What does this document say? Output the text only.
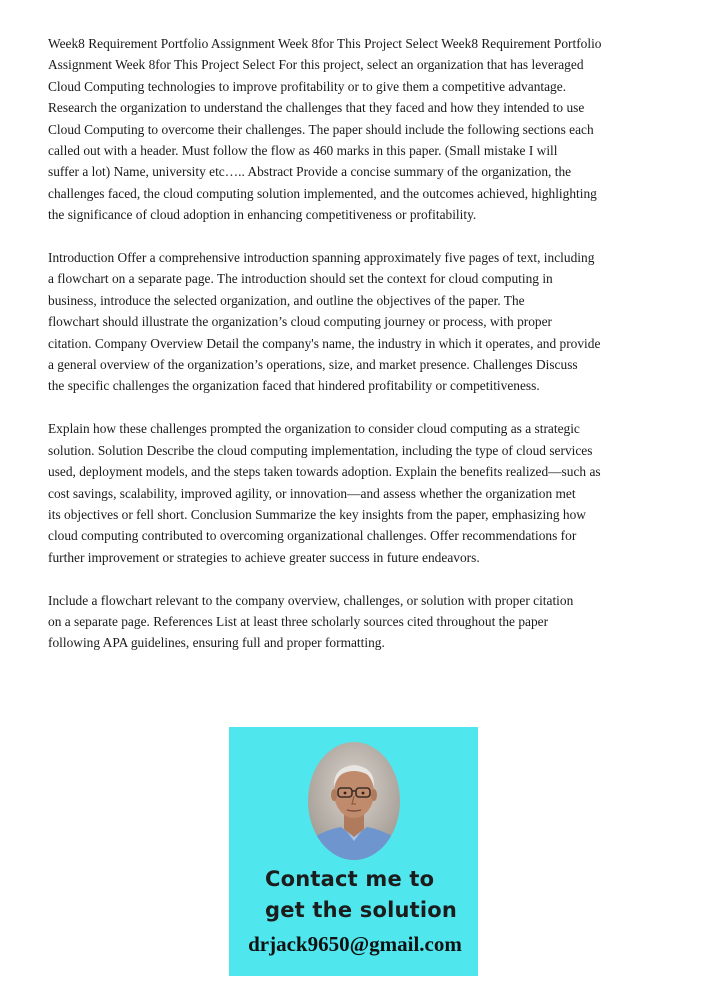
Week8 Requirement Portfolio Assignment Week 8for This Project Select Week8 Requirement Portfolio
Assignment Week 8for This Project Select For this project, select an organization that has leveraged
Cloud Computing technologies to improve profitability or to give them a competitive advantage.
Research the organization to understand the challenges that they faced and how they intended to use
Cloud Computing to overcome their challenges. The paper should include the following sections each
called out with a header. Must follow the flow as 460 marks in this paper. (Small mistake I will
suffer a lot) Name, university etc….. Abstract Provide a concise summary of the organization, the
challenges faced, the cloud computing solution implemented, and the outcomes achieved, highlighting
the significance of cloud adoption in enhancing competitiveness or profitability.

Introduction Offer a comprehensive introduction spanning approximately five pages of text, including
a flowchart on a separate page. The introduction should set the context for cloud computing in
business, introduce the selected organization, and outline the objectives of the paper. The
flowchart should illustrate the organization’s cloud computing journey or process, with proper
citation. Company Overview Detail the company's name, the industry in which it operates, and provide
a general overview of the organization’s operations, size, and market presence. Challenges Discuss
the specific challenges the organization faced that hindered profitability or competitiveness.

Explain how these challenges prompted the organization to consider cloud computing as a strategic
solution. Solution Describe the cloud computing implementation, including the type of cloud services
used, deployment models, and the steps taken towards adoption. Explain the benefits realized—such as
cost savings, scalability, improved agility, or innovation—and assess whether the organization met
its objectives or fell short. Conclusion Summarize the key insights from the paper, emphasizing how
cloud computing contributed to overcoming organizational challenges. Offer recommendations for
further improvement or strategies to achieve greater success in future endeavors.

Include a flowchart relevant to the company overview, challenges, or solution with proper citation
on a separate page. References List at least three scholarly sources cited throughout the paper
following APA guidelines, ensuring full and proper formatting.

Contact me to
get the solution
drjack9650@gmail.com
